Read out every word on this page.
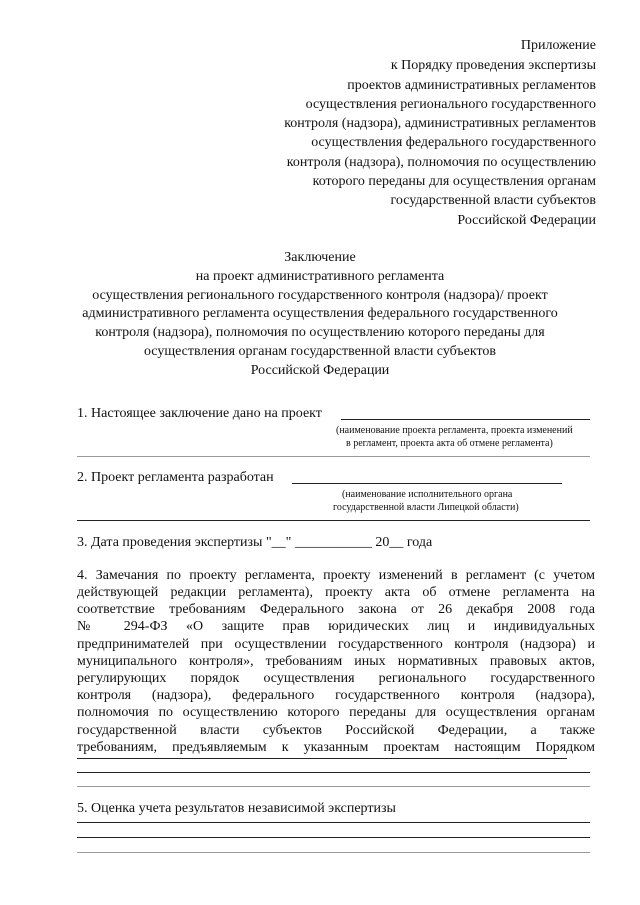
Приложение
к Порядку проведения экспертизы
проектов административных регламентов
осуществления регионального государственного
контроля (надзора), административных регламентов
осуществления федерального государственного
контроля (надзора), полномочия по осуществлению
которого переданы для осуществления органам
государственной власти субъектов
Российской Федерации
Заключение
на проект административного регламента
осуществления регионального государственного контроля (надзора)/ проект
административного регламента осуществления федерального государственного
контроля (надзора), полномочия по осуществлению которого переданы для
осуществления органам государственной власти субъектов
Российской Федерации
1. Настоящее заключение дано на проект
(наименование проекта регламента, проекта изменений
в регламент, проекта акта об отмене регламента)
2. Проект регламента разработан
(наименование исполнительного органа
государственной власти Липецкой области)
3. Дата проведения экспертизы "__" ___________ 20__ года
4. Замечания по проекту регламента, проекту изменений в регламент (с учетом
действующей редакции регламента), проекту акта об отмене регламента на
соответствие требованиям Федерального закона от 26 декабря 2008 года
№ 294-ФЗ «О защите прав юридических лиц и индивидуальных
предпринимателей при осуществлении государственного контроля (надзора) и
муниципального контроля», требованиям иных нормативных правовых актов,
регулирующих порядок осуществления регионального государственного
контроля (надзора), федерального государственного контроля (надзора),
полномочия по осуществлению которого переданы для осуществления органам
государственной власти субъектов Российской Федерации, а также
требованиям, предъявляемым к указанным проектам настоящим Порядком
5. Оценка учета результатов независимой экспертизы
